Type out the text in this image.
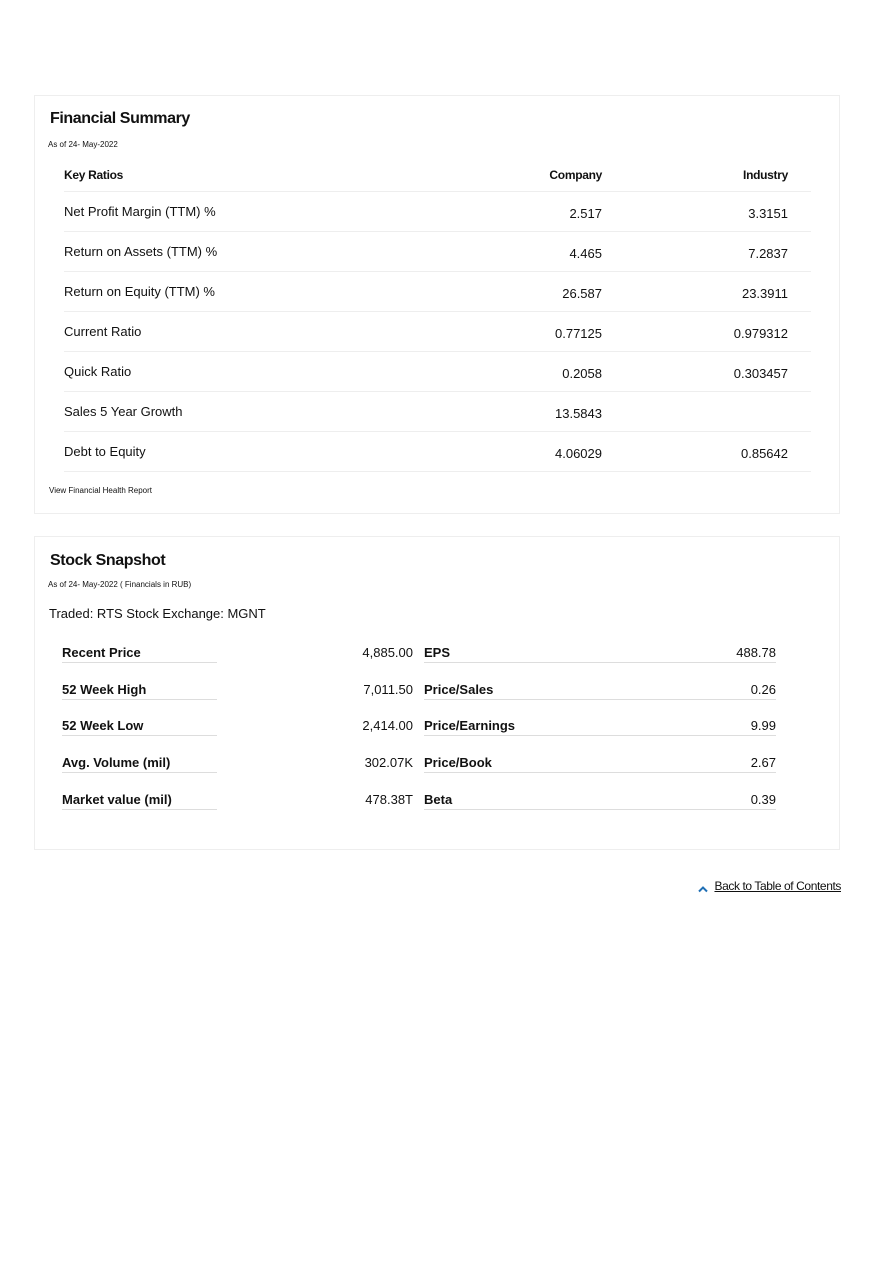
Financial Summary
As of 24- May-2022
Key Ratios	Company	Industry
Net Profit Margin (TTM) %	2.517	3.3151
Return on Assets (TTM) %	4.465	7.2837
Return on Equity (TTM) %	26.587	23.3911
Current Ratio	0.77125	0.979312
Quick Ratio	0.2058	0.303457
Sales 5 Year Growth	13.5843
Debt to Equity	4.06029	0.85642
View Financial Health Report
Stock Snapshot
As of 24- May-2022 ( Financials in RUB)
Traded: RTS Stock Exchange: MGNT
Recent Price	4,885.00 EPS	488.78
52 Week High	7,011.50 Price/Sales	0.26
52 Week Low	2,414.00 Price/Earnings	9.99
Avg. Volume (mil)	302.07K Price/Book	2.67
Market value (mil)	478.38T Beta	0.39
Back to Table of Contents
